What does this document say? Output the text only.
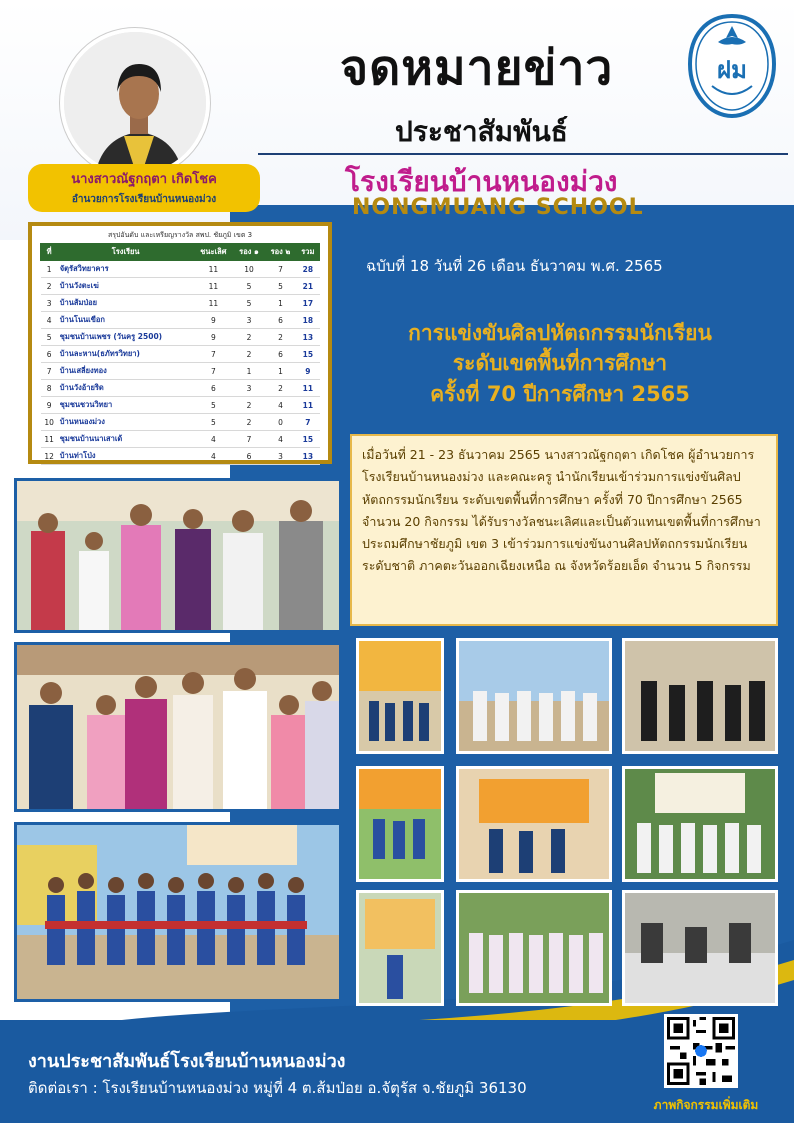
จดหมายข่าว
ประชาสัมพันธ์
โรงเรียนบ้านหนองม่วง
NONGMUANG SCHOOL
ฝม
นางสาวณัฐกฤตา เกิดโชค
อำนวยการโรงเรียนบ้านหนองม่วง
สรุปอันดับ และเหรียญรางวัล สพป. ชัยภูมิ เขต 3
ที่	โรงเรียน	ชนะเลิศ	รอง ๑	รอง ๒	รวม
1	จัตุรัสวิทยาคาร	11	10	7	28
2	บ้านวังตะเฆ่	11	5	5	21
3	บ้านส้มป่อย	11	5	1	17
4	บ้านโนนเขือก	9	3	6	18
5	ชุมชนบ้านเพชร (วันครู 2500)	9	2	2	13
6	บ้านละหาน(ธภัทรวิทยา)	7	2	6	15
7	บ้านเสลี่ยงทอง	7	1	1	9
8	บ้านวังอ้ายริด	6	3	2	11
9	ชุมชนชวนวิทยา	5	2	4	11
10	บ้านหนองม่วง	5	2	0	7
11	ชุมชนบ้านนาเสาเด้	4	7	4	15
12	บ้านท่าโป่ง	4	6	3	13
ฉบับที่ 18 วันที่ 26 เดือน ธันวาคม พ.ศ. 2565
การแข่งขันศิลปหัตถกรรมนักเรียน
ระดับเขตพื้นที่การศึกษา
ครั้งที่ 70 ปีการศึกษา 2565
เมื่อวันที่ 21 - 23 ธันวาคม 2565 นางสาวณัฐกฤตา เกิดโชค ผู้อำนวยการโรงเรียนบ้านหนองม่วง และคณะครู นำนักเรียนเข้าร่วมการแข่งขันศิลปหัตถกรรมนักเรียน ระดับเขตพื้นที่การศึกษา ครั้งที่ 70 ปีการศึกษา 2565 จำนวน 20 กิจกรรม ได้รับรางวัลชนะเลิศและเป็นตัวแทนเขตพื้นที่การศึกษาประถมศึกษาชัยภูมิ เขต 3 เข้าร่วมการแข่งขันงานศิลปหัตถกรรมนักเรียน ระดับชาติ ภาคตะวันออกเฉียงเหนือ ณ จังหวัดร้อยเอ็ด จำนวน 5 กิจกรรม
งานประชาสัมพันธ์โรงเรียนบ้านหนองม่วง
ติดต่อเรา : โรงเรียนบ้านหนองม่วง หมู่ที่ 4 ต.ส้มป่อย อ.จัตุรัส จ.ชัยภูมิ 36130
ภาพกิจกรรมเพิ่มเติม
